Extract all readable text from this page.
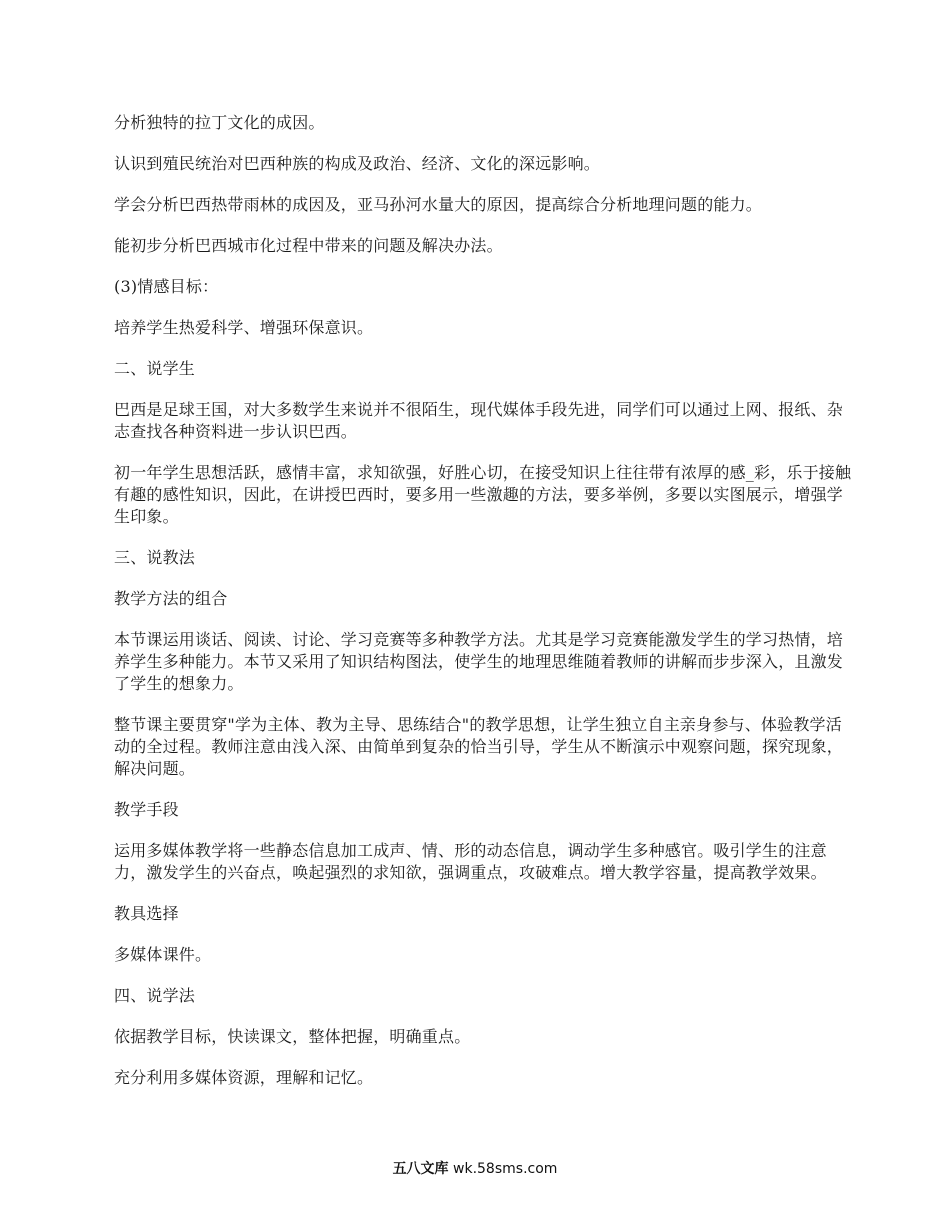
分析独特的拉丁文化的成因。

认识到殖民统治对巴西种族的构成及政治、经济、文化的深远影响。

学会分析巴西热带雨林的成因及，亚马孙河水量大的原因，提高综合分析地理问题的能力。

能初步分析巴西城市化过程中带来的问题及解决办法。

(3)情感目标：

培养学生热爱科学、增强环保意识。

二、说学生

巴西是足球王国，对大多数学生来说并不很陌生，现代媒体手段先进，同学们可以通过上网、报纸、杂志查找各种资料进一步认识巴西。

初一年学生思想活跃，感情丰富，求知欲强，好胜心切，在接受知识上往往带有浓厚的感_彩，乐于接触有趣的感性知识，因此，在讲授巴西时，要多用一些激趣的方法，要多举例，多要以实图展示，增强学生印象。

三、说教法

教学方法的组合

本节课运用谈话、阅读、讨论、学习竞赛等多种教学方法。尤其是学习竞赛能激发学生的学习热情，培养学生多种能力。本节又采用了知识结构图法，使学生的地理思维随着教师的讲解而步步深入，且激发了学生的想象力。

整节课主要贯穿"学为主体、教为主导、思练结合"的教学思想，让学生独立自主亲身参与、体验教学活动的全过程。教师注意由浅入深、由简单到复杂的恰当引导，学生从不断演示中观察问题，探究现象，解决问题。

教学手段

运用多媒体教学将一些静态信息加工成声、情、形的动态信息，调动学生多种感官。吸引学生的注意力，激发学生的兴奋点，唤起强烈的求知欲，强调重点，攻破难点。增大教学容量，提高教学效果。

教具选择

多媒体课件。

四、说学法

依据教学目标，快读课文，整体把握，明确重点。

充分利用多媒体资源，理解和记忆。

五八文库 wk.58sms.com
